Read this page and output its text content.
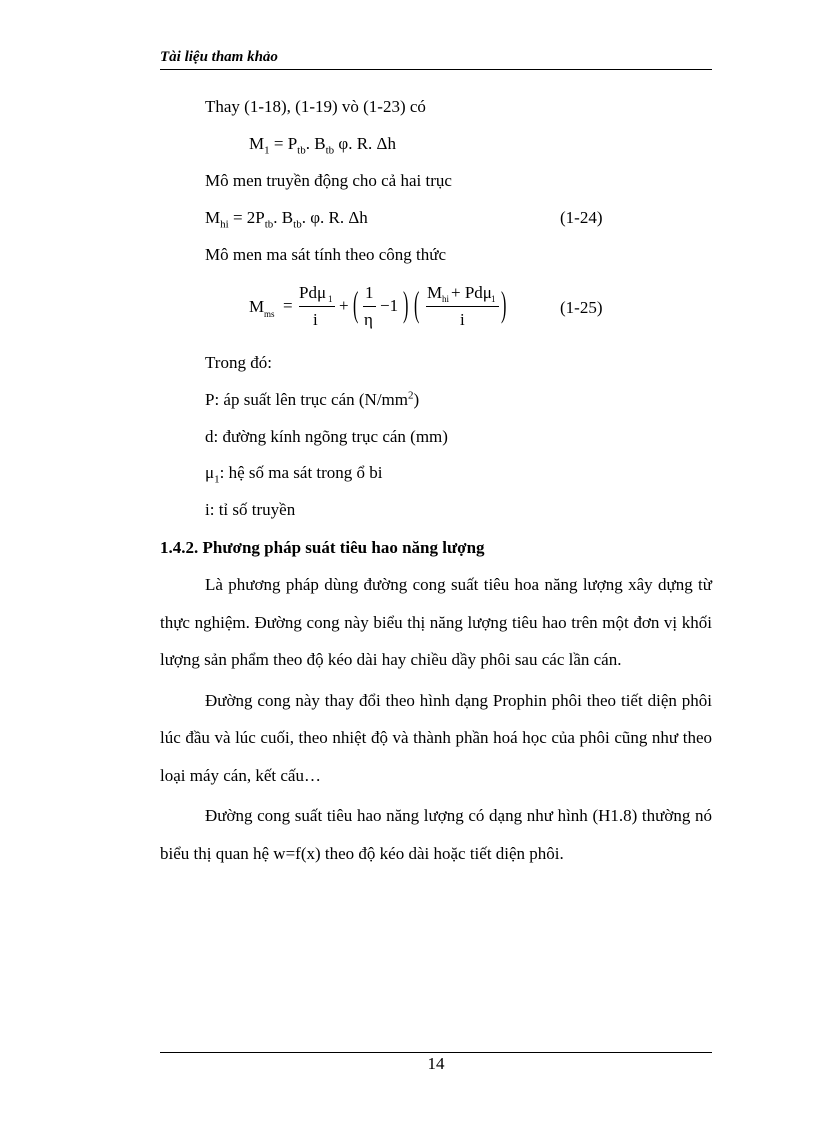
Tài liệu tham khảo
Thay (1-18), (1-19) vò (1-23) có
$M_1 = P_{tb}$. $B_{tb}$ φ. R. Δh
Mô men truyền động cho cả hai trục
$M_{hi} = 2P_{tb}$. $B_{tb}$. φ. R. Δh	(1-24)
Mô men ma sát tính theo công thức
M ms =
Pdμ 1
i
+ ( 1
η
−1 ) ( M hi + Pdμ 1
i )	(1-25)
Trong đó:
P: áp suất lên trục cán $(N/mm^2)$
d: đường kính ngõng trục cán (mm)
$\mu_1$: hệ số ma sát trong ổ bi
i: tỉ số truyền
1.4.2. Phương pháp suát tiêu hao năng lượng

Là phương pháp dùng đường cong suất tiêu hoa năng lượng xây dựng từ thực nghiệm. Đường cong này biểu thị năng lượng tiêu hao trên một đơn vị khối lượng sản phẩm theo độ kéo dài hay chiều dầy phôi sau các lần cán.

Đường cong này thay đổi theo hình dạng Prophin phôi theo tiết diện phôi lúc đầu và lúc cuối, theo nhiệt độ và thành phần hoá học của phôi cũng như theo loại máy cán, kết cấu…

Đường cong suất tiêu hao năng lượng có dạng như hình (H1.8) thường nó biểu thị quan hệ w=f(x) theo độ kéo dài hoặc tiết diện phôi.

14
